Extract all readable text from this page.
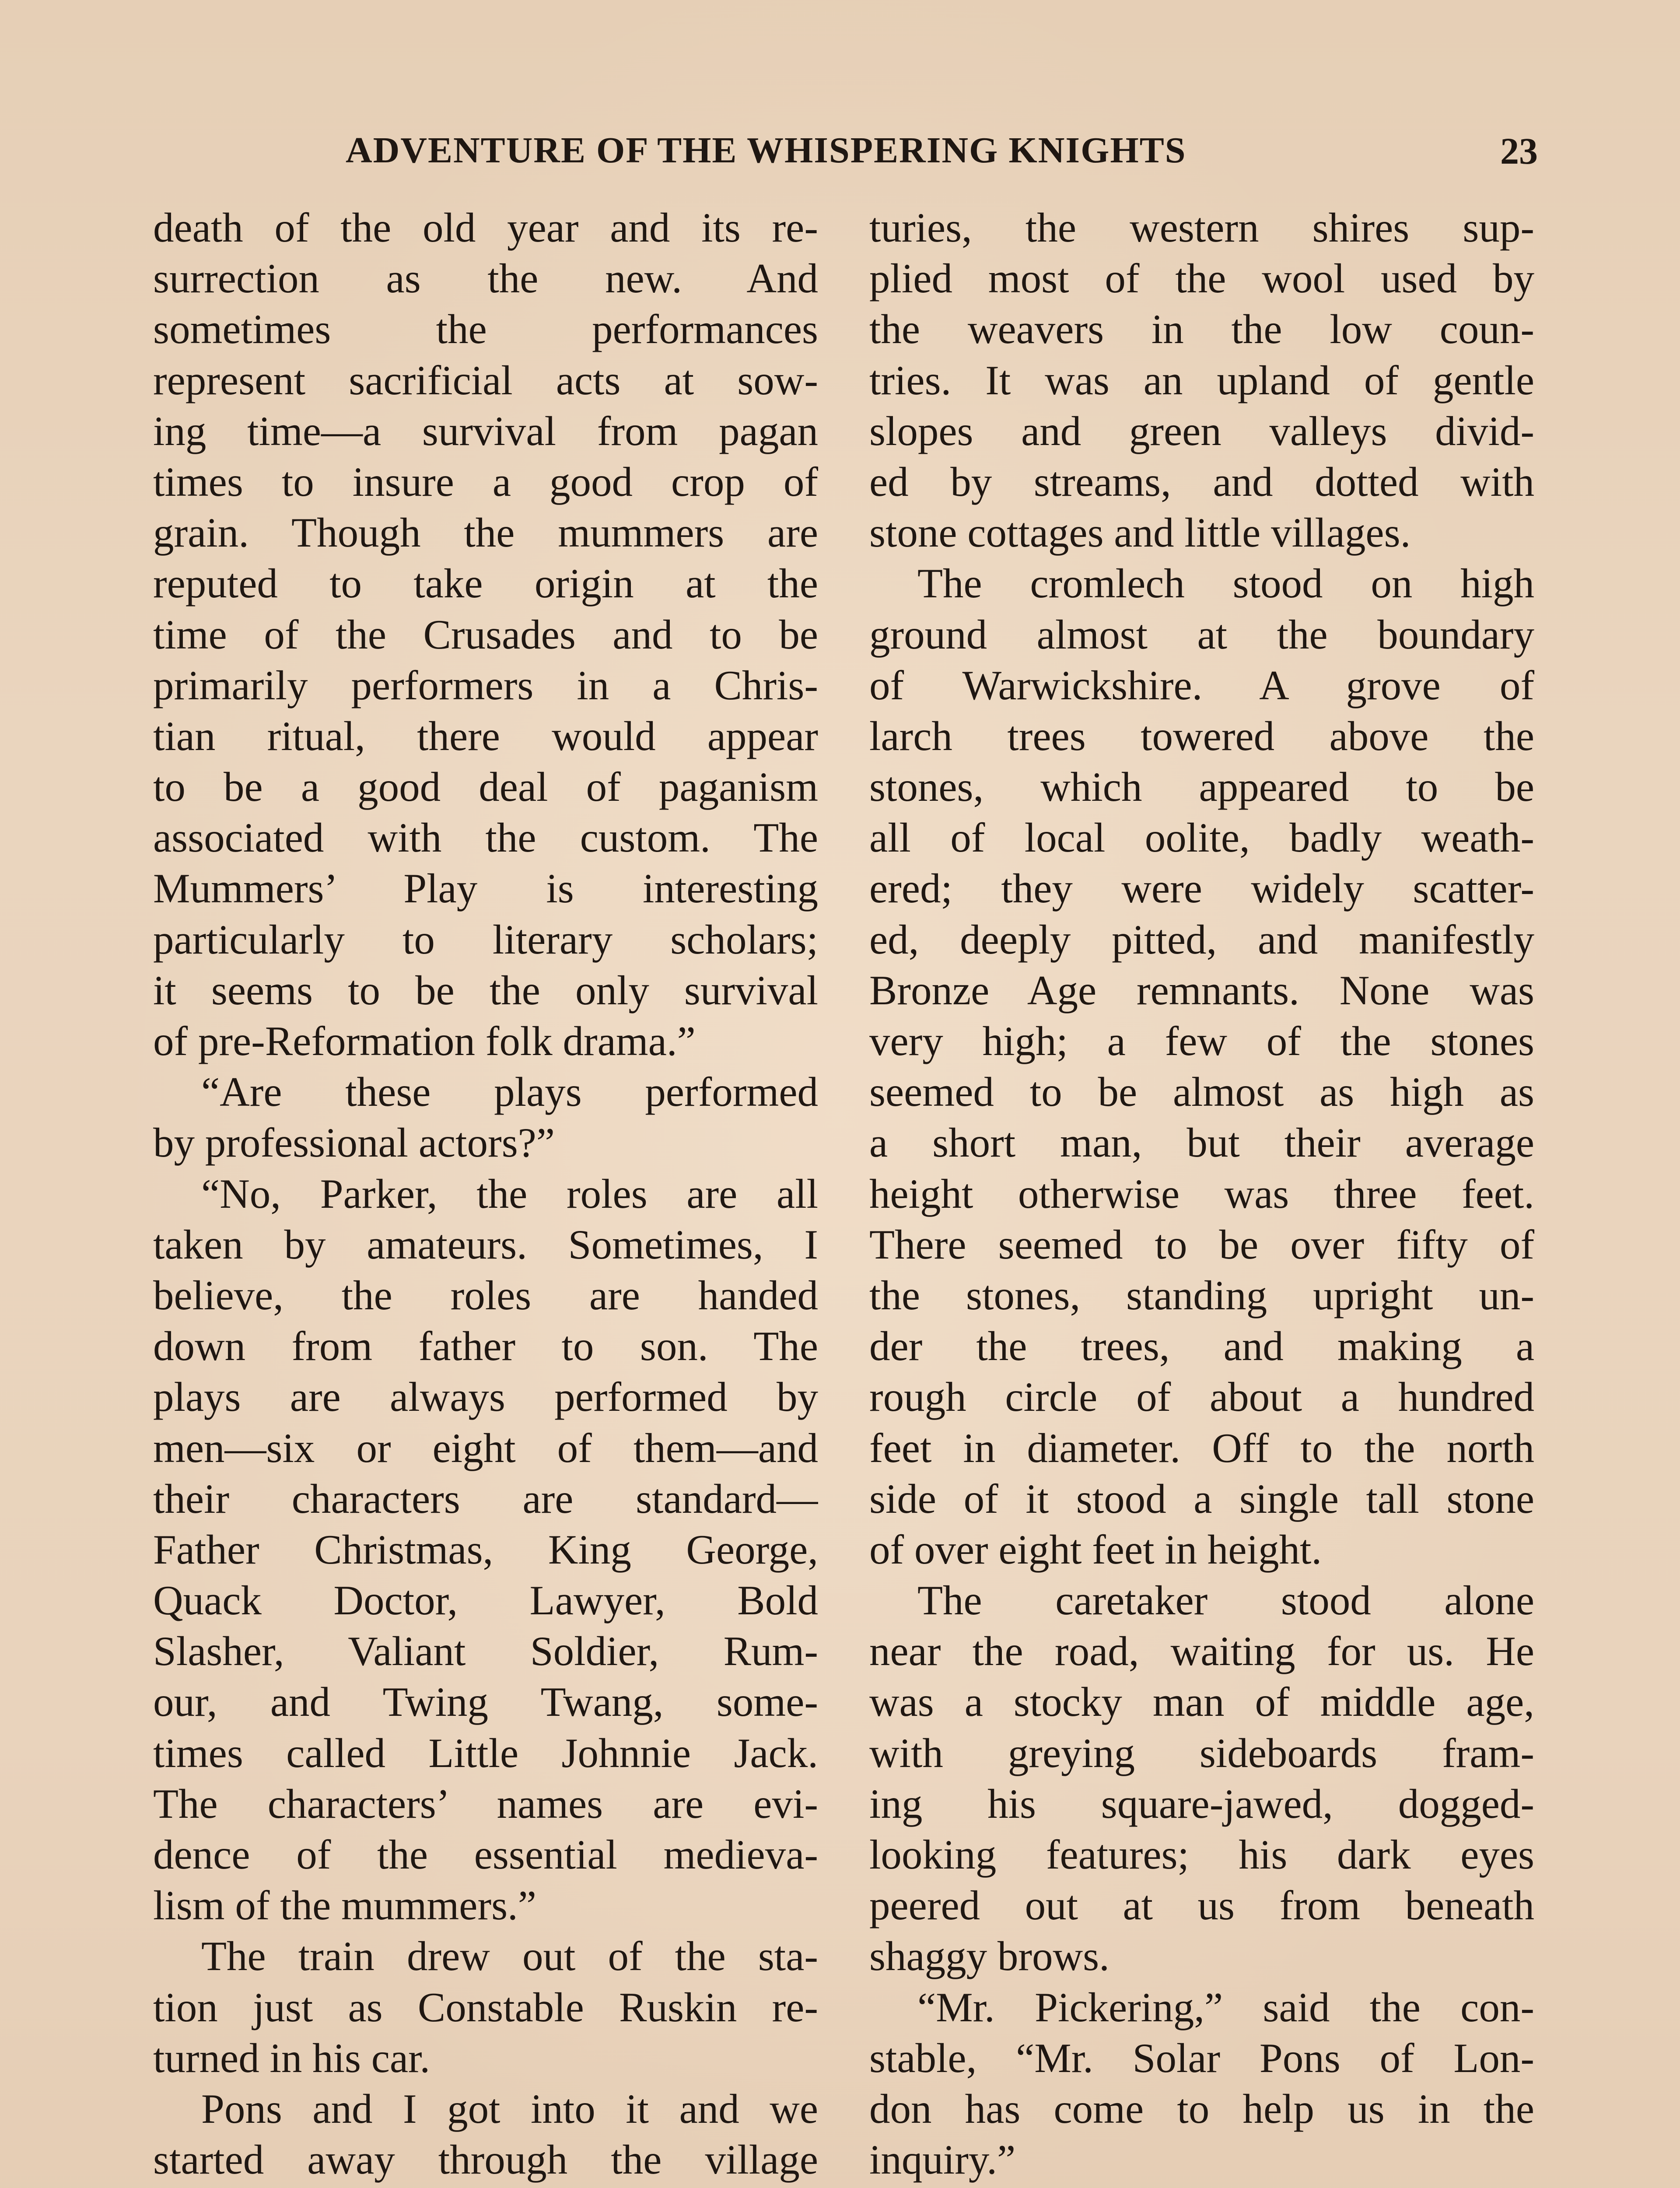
ADVENTURE OF THE WHISPERING KNIGHTS	23
death of the old year and its re-
surrection as the new. And
sometimes the performances
represent sacrificial acts at sow-
ing time—a survival from pagan
times to insure a good crop of
grain. Though the mummers are
reputed to take origin at the
time of the Crusades and to be
primarily performers in a Chris-
tian ritual, there would appear
to be a good deal of paganism
associated with the custom. The
Mummers’ Play is interesting
particularly to literary scholars;
it seems to be the only survival
of pre-Reformation folk drama.”
“Are these plays performed
by professional actors?”
“No, Parker, the roles are all
taken by amateurs. Sometimes, I
believe, the roles are handed
down from father to son. The
plays are always performed by
men—six or eight of them—and
their characters are standard—
Father Christmas, King George,
Quack Doctor, Lawyer, Bold
Slasher, Valiant Soldier, Rum-
our, and Twing Twang, some-
times called Little Johnnie Jack.
The characters’ names are evi-
dence of the essential medieva-
lism of the mummers.”
The train drew out of the sta-
tion just as Constable Ruskin re-
turned in his car.
Pons and I got into it and we
started away through the village
turies, the western shires sup-
plied most of the wool used by
the weavers in the low coun-
tries. It was an upland of gentle
slopes and green valleys divid-
ed by streams, and dotted with
stone cottages and little villages.
The cromlech stood on high
ground almost at the boundary
of Warwickshire. A grove of
larch trees towered above the
stones, which appeared to be
all of local oolite, badly weath-
ered; they were widely scatter-
ed, deeply pitted, and manifestly
Bronze Age remnants. None was
very high; a few of the stones
seemed to be almost as high as
a short man, but their average
height otherwise was three feet.
There seemed to be over fifty of
the stones, standing upright un-
der the trees, and making a
rough circle of about a hundred
feet in diameter. Off to the north
side of it stood a single tall stone
of over eight feet in height.
The caretaker stood alone
near the road, waiting for us. He
was a stocky man of middle age,
with greying sideboards fram-
ing his square-jawed, dogged-
looking features; his dark eyes
peered out at us from beneath
shaggy brows.
“Mr. Pickering,” said the con-
stable, “Mr. Solar Pons of Lon-
don has come to help us in the
inquiry.”
